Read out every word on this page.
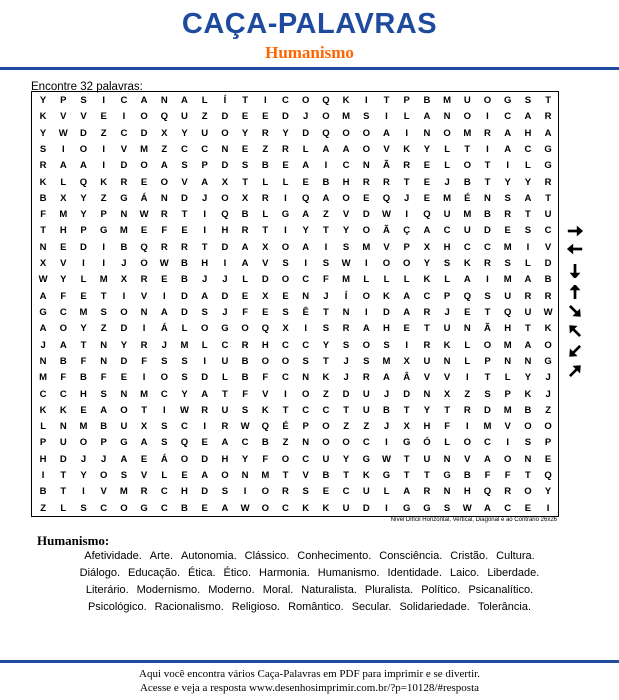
CAÇA-PALAVRAS
Humanismo
Encontre 32 palavras:
Y	P	S	I	C	A	N	A	L	Í	T	I	C	O	Q	K	I	T	P	B	M	U	O	G	S	T
K	V	V	E	I	O	Q	U	Z	D	E	E	D	J	O	M	S	I	L	A	N	O	I	C	A	R
Y	W	D	Z	C	D	X	Y	U	O	Y	R	Y	D	Q	O	O	A	I	N	O	M	R	A	H	A
S	I	O	I	V	M	Z	C	C	N	E	Z	R	L	A	A	O	V	K	Y	L	T	I	A	C	G
R	A	A	I	D	O	A	S	P	D	S	B	E	A	I	C	N	Ã	R	E	L	O	T	I	L	G
K	L	Q	K	R	E	O	V	A	X	T	L	L	E	B	H	R	R	T	E	J	B	T	Y	Y	R
B	X	Y	Z	G	Á	N	D	J	O	X	R	I	Q	A	O	E	Q	J	E	M	É	N	S	A	T
F	M	Y	P	N	W	R	T	I	Q	B	L	G	A	Z	V	D	W	I	Q	U	M	B	R	T	U
T	H	P	G	M	E	F	E	I	H	R	T	I	Y	T	Y	O	Ã	Ç	A	C	U	D	E	S	C
N	E	D	I	B	Q	R	R	T	D	A	X	O	A	I	S	M	V	P	X	H	C	C	M	I	V
X	V	I	I	J	O	W	B	H	I	A	V	S	I	S	W	I	O	O	Y	S	K	R	S	L	D
W	Y	L	M	X	R	E	B	J	J	L	D	O	C	F	M	L	L	L	K	L	A	I	M	A	B
A	F	E	T	I	V	I	D	A	D	E	X	E	N	J	Í	O	K	A	C	P	Q	S	U	R	R
G	C	M	S	O	N	A	D	S	J	F	E	S	Ê	T	N	I	D	A	R	J	E	T	Q	U	W
A	O	Y	Z	D	I	Á	L	O	G	O	Q	X	I	S	R	A	H	E	T	U	N	Ã	H	T	K
J	A	T	N	Y	R	J	M	L	C	R	H	C	C	Y	S	O	S	I	R	K	L	O	M	A	O
N	B	F	N	D	F	S	S	I	U	B	O	O	S	T	J	S	M	X	U	N	L	P	N	N	G
M	F	B	F	E	I	O	S	D	L	B	F	C	N	K	J	R	A	Â	V	V	I	T	L	Y	J
C	C	H	S	N	M	C	Y	A	T	F	V	I	O	Z	D	U	J	D	N	X	Z	S	P	K	J
K	K	E	A	O	T	I	W	R	U	S	K	T	C	C	T	U	B	T	Y	T	R	D	M	B	Z
L	N	M	B	U	X	S	C	I	R	W	Q	É	P	O	Z	Z	J	X	H	F	I	M	V	O	O
P	U	O	P	G	A	S	Q	E	A	C	B	Z	N	O	O	C	I	G	Ó	L	O	C	I	S	P
H	D	J	J	A	E	Á	O	D	H	Y	F	O	C	U	Y	G	W	T	U	N	V	A	O	N	E
I	T	Y	O	S	V	L	E	A	O	N	M	T	V	B	T	K	G	T	T	G	B	F	F	T	Q
B	T	I	V	M	R	C	H	D	S	I	O	R	S	E	C	U	L	A	R	N	H	Q	R	O	Y
Z	L	S	C	O	G	C	B	E	A	W	O	C	K	K	U	D	I	G	G	S	W	A	C	E	I
Nível Difícil Horizontal, Vertical, Diagonal e ao Contrário 26x26
Humanismo:
Afetividade. Arte. Autonomia. Clássico. Conhecimento. Consciência. Cristão. Cultura.
Diálogo. Educação. Ética. Ético. Harmonia. Humanismo. Identidade. Laico. Liberdade.
Literário. Modernismo. Moderno. Moral. Naturalista. Pluralista. Político. Psicanalítico.
Psicológico. Racionalismo. Religioso. Romântico. Secular. Solidariedade. Tolerância.
Aqui você encontra vários Caça-Palavras em PDF para imprimir e se divertir.
Acesse e veja a resposta www.desenhosimprimir.com.br/?p=10128/#resposta
